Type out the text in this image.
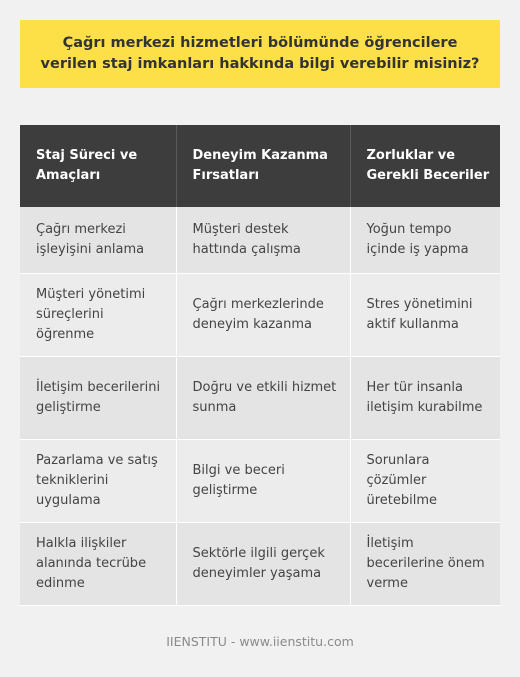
Çağrı merkezi hizmetleri bölümünde öğrencilere verilen staj imkanları hakkında bilgi verebilir misiniz?
Staj Süreci ve Amaçları	Deneyim Kazanma Fırsatları	Zorluklar ve Gerekli Beceriler
Çağrı merkezi işleyişini anlama	Müşteri destek hattında çalışma	Yoğun tempo içinde iş yapma
Müşteri yönetimi süreçlerini öğrenme	Çağrı merkezlerinde deneyim kazanma	Stres yönetimini aktif kullanma
İletişim becerilerini geliştirme	Doğru ve etkili hizmet sunma	Her tür insanla iletişim kurabilme
Pazarlama ve satış tekniklerini uygulama	Bilgi ve beceri geliştirme	Sorunlara çözümler üretebilme
Halkla ilişkiler alanında tecrübe edinme	Sektörle ilgili gerçek deneyimler yaşama	İletişim becerilerine önem verme
IIENSTITU - www.iienstitu.com
